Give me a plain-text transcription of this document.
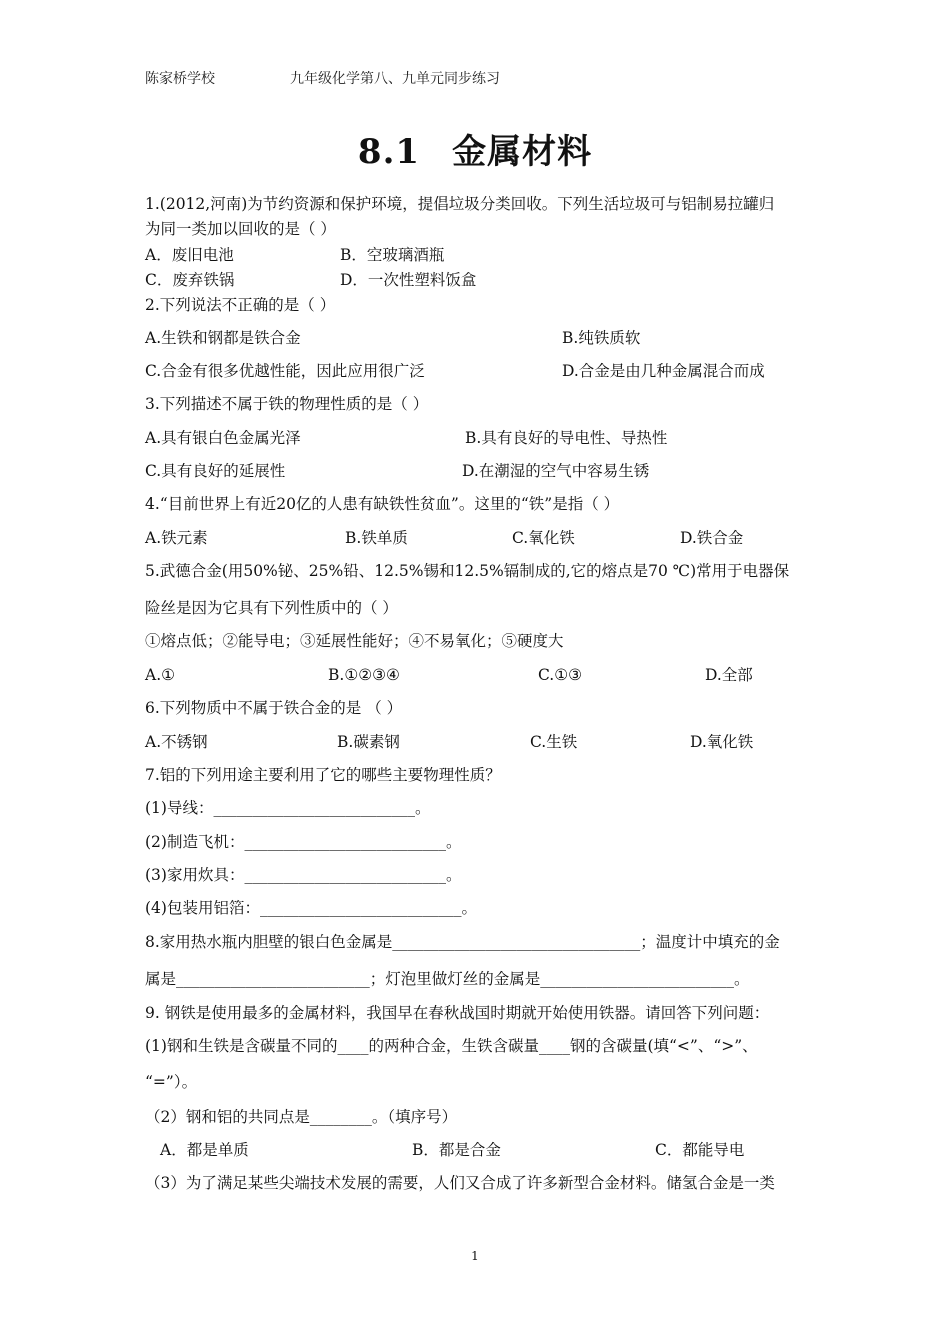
陈家桥学校	九年级化学第八、九单元同步练习
8.1 金属材料
1.(2012,河南)为节约资源和保护环境，提倡垃圾分类回收。下列生活垃圾可与铝制易拉罐归
为同一类加以回收的是（ ）
A．废旧电池	B．空玻璃酒瓶
C．废弃铁锅	D．一次性塑料饭盒
2.下列说法不正确的是（ ）
A.生铁和钢都是铁合金	B.纯铁质软
C.合金有很多优越性能，因此应用很广泛	D.合金是由几种金属混合而成
3.下列描述不属于铁的物理性质的是（ ）
A.具有银白色金属光泽	B.具有良好的导电性、导热性
C.具有良好的延展性	D.在潮湿的空气中容易生锈
4.“目前世界上有近20亿的人患有缺铁性贫血”。这里的“铁”是指（ ）
A.铁元素	B.铁单质	C.氧化铁	D.铁合金
5.武德合金(用50%铋、25%铅、12.5%锡和12.5%镉制成的,它的熔点是70 ℃)常用于电器保
险丝是因为它具有下列性质中的（ ）
①熔点低；②能导电；③延展性能好；④不易氧化；⑤硬度大
A.①	B.①②③④	C.①③	D.全部
6.下列物质中不属于铁合金的是 （ ）
A.不锈钢	B.碳素钢	C.生铁	D.氧化铁
7.铝的下列用途主要利用了它的哪些主要物理性质？
(1)导线：__________________________。
(2)制造飞机：__________________________。
(3)家用炊具：__________________________。
(4)包装用铝箔：__________________________。
8.家用热水瓶内胆壁的银白色金属是________________________________；温度计中填充的金
属是_________________________；灯泡里做灯丝的金属是_________________________。
9. 钢铁是使用最多的金属材料，我国早在春秋战国时期就开始使用铁器。请回答下列问题：
(1)钢和生铁是含碳量不同的____的两种合金，生铁含碳量____钢的含碳量(填“<”、“>”、
“=”）。
（2）钢和铝的共同点是________。（填序号）
A．都是单质	B．都是合金	C．都能导电
（3）为了满足某些尖端技术发展的需要，人们又合成了许多新型合金材料。储氢合金是一类
1
